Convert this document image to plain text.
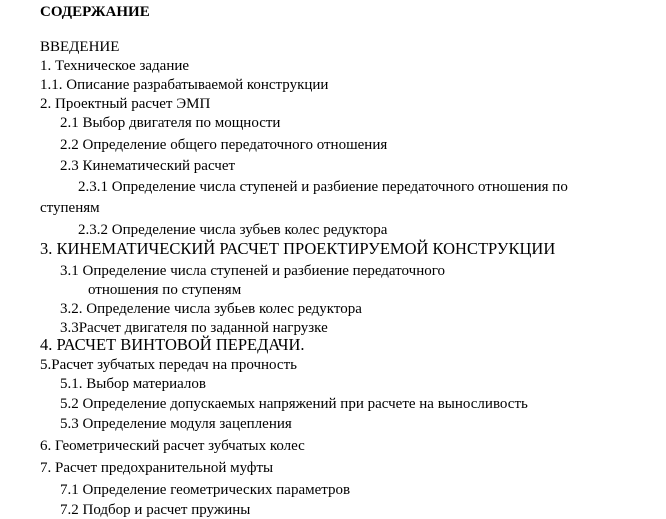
СОДЕРЖАНИЕ
ВВЕДЕНИЕ
1. Техническое задание
1.1. Описание разрабатываемой конструкции
2. Проектный расчет ЭМП
2.1 Выбор двигателя по мощности
2.2 Определение общего передаточного отношения
2.3 Кинематический расчет
2.3.1 Определение числа ступеней и разбиение передаточного отношения по
ступеням
2.3.2 Определение числа зубьев колес редуктора
3. КИНЕМАТИЧЕСКИЙ РАСЧЕТ ПРОЕКТИРУЕМОЙ КОНСТРУКЦИИ
3.1 Определение числа ступеней и разбиение передаточного
отношения по ступеням
3.2. Определение числа зубьев колес редуктора
3.3Расчет двигателя по заданной нагрузке
4. РАСЧЕТ ВИНТОВОЙ ПЕРЕДАЧИ.
5.Расчет зубчатых передач на прочность
5.1. Выбор материалов
5.2 Определение допускаемых напряжений при расчете на выносливость
5.3 Определение модуля зацепления
6. Геометрический расчет зубчатых колес
7. Расчет предохранительной муфты
7.1 Определение геометрических параметров
7.2 Подбор и расчет пружины
